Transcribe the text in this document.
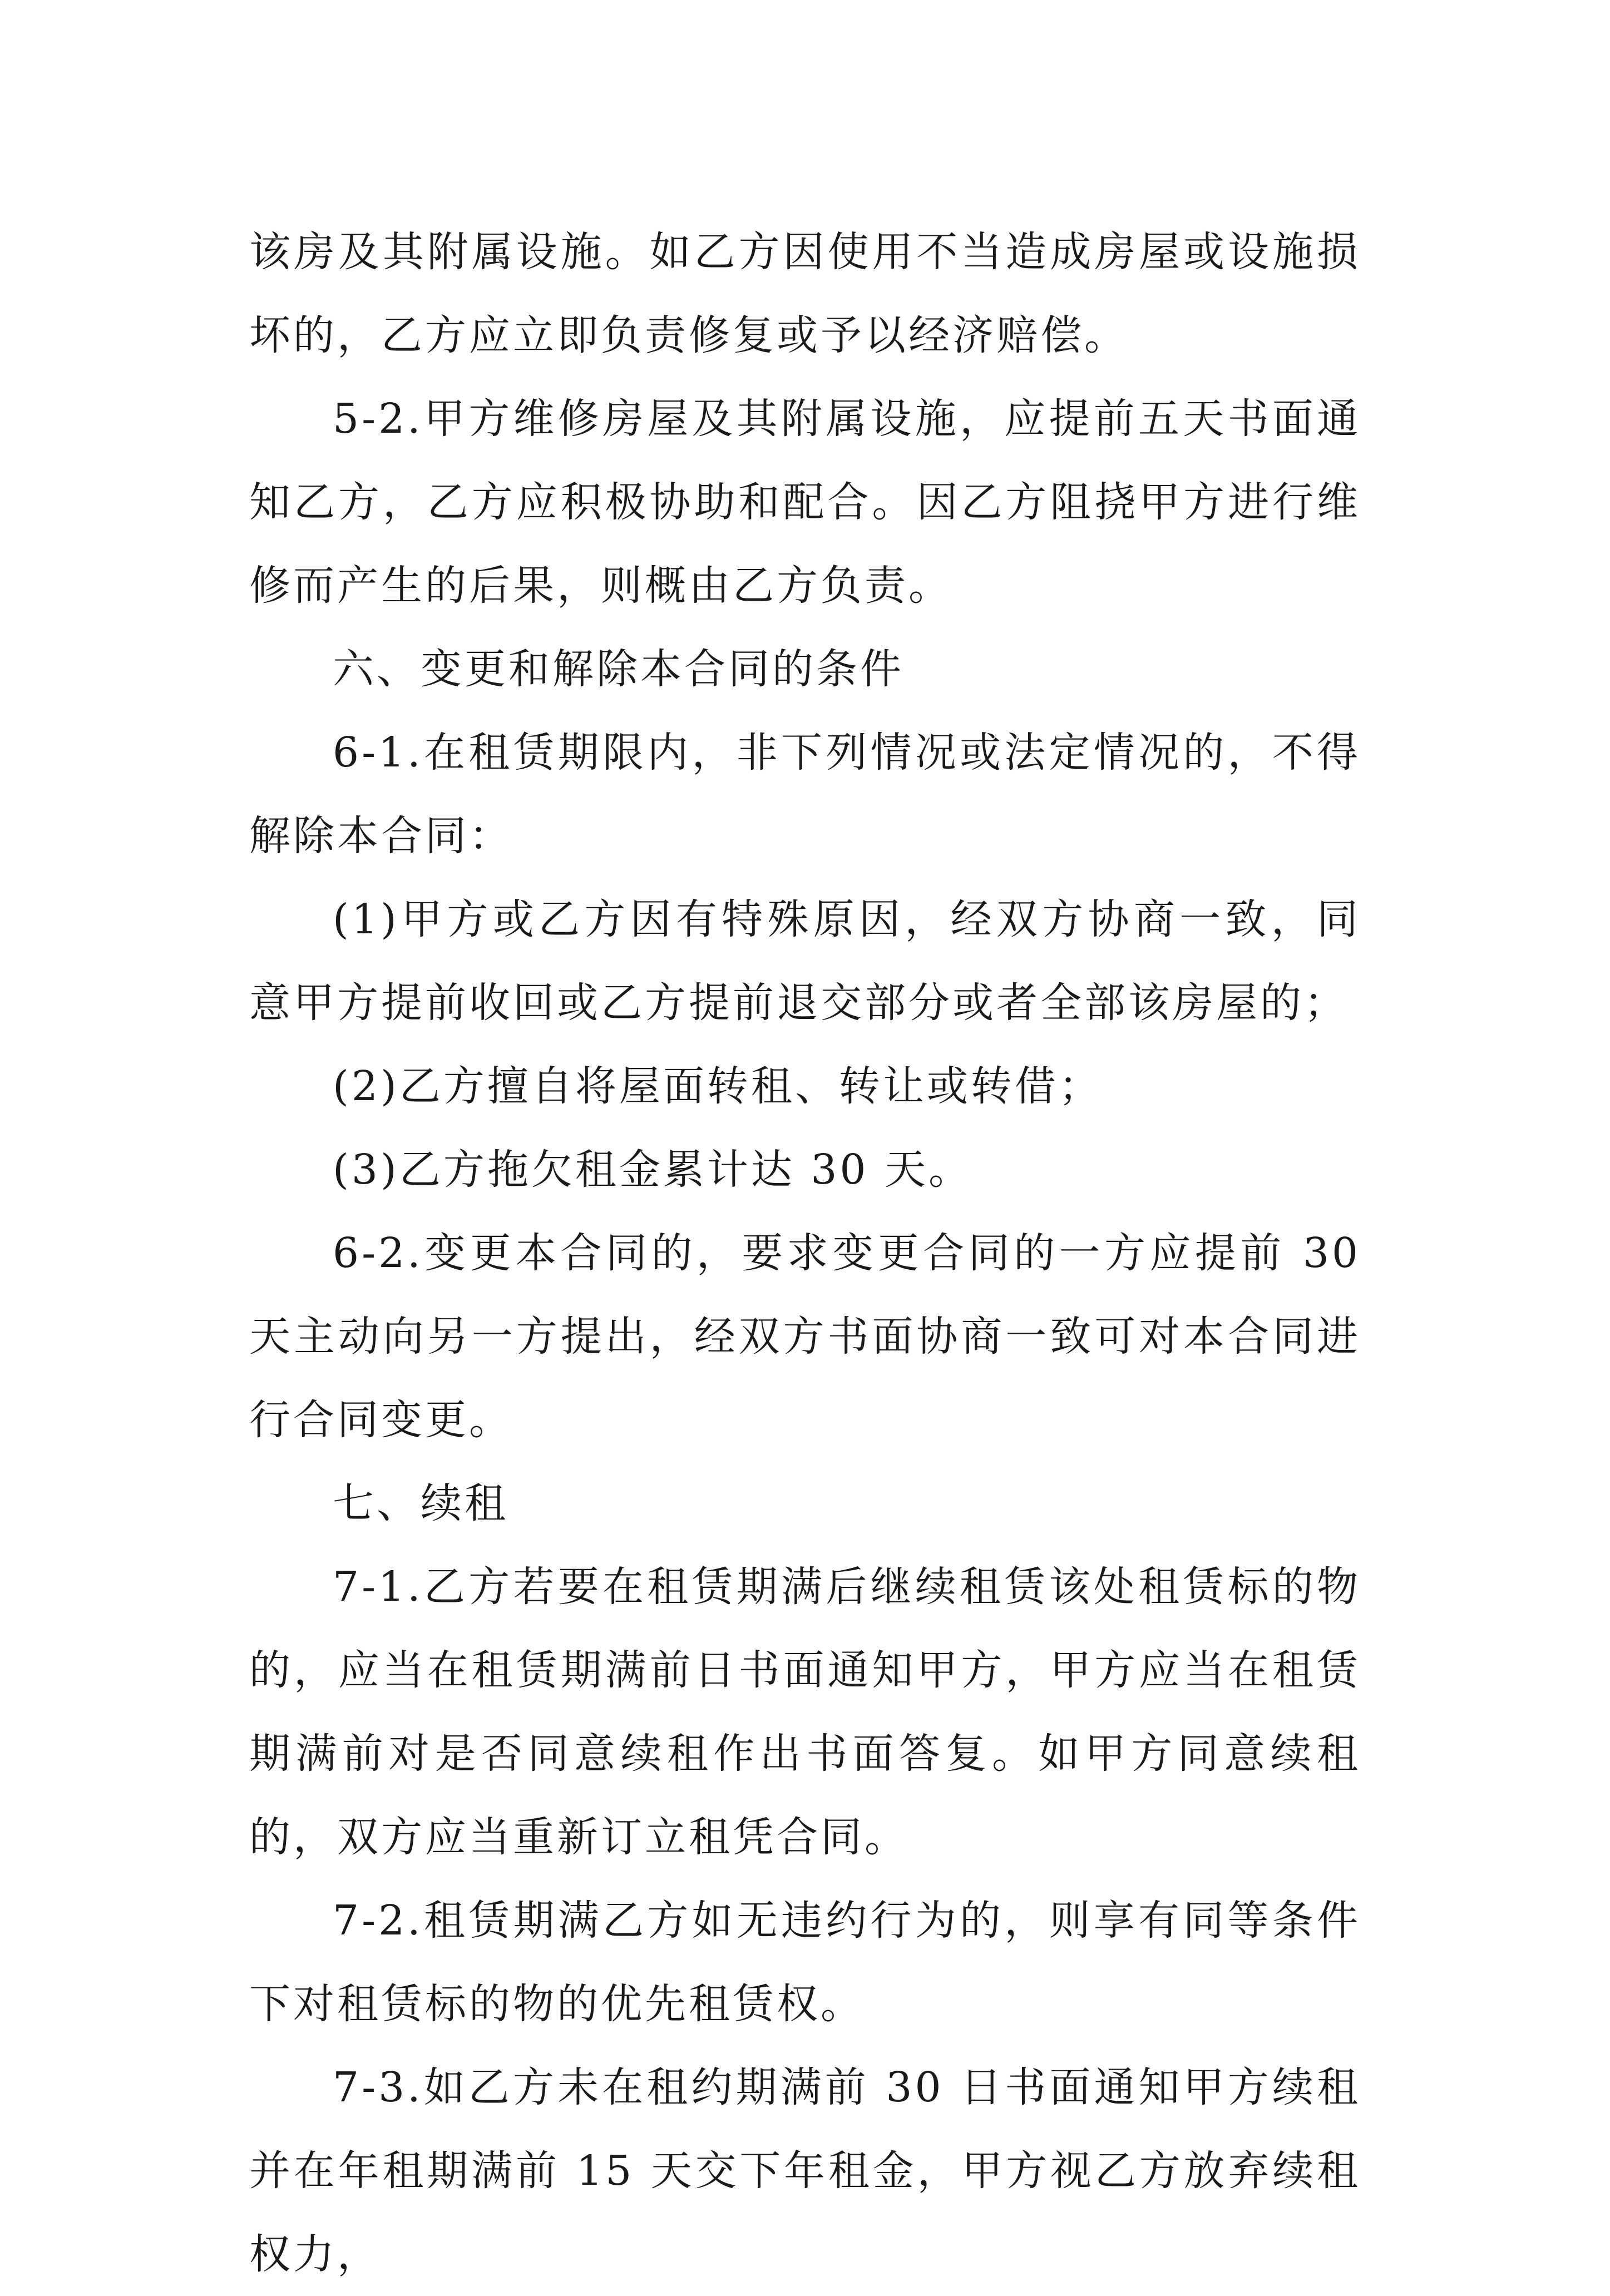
该房及其附属设施。如乙方因使用不当造成房屋或设施损坏的，乙方应立即负责修复或予以经济赔偿。

5-2.甲方维修房屋及其附属设施，应提前五天书面通知乙方，乙方应积极协助和配合。因乙方阻挠甲方进行维修而产生的后果，则概由乙方负责。

六、变更和解除本合同的条件

6-1.在租赁期限内，非下列情况或法定情况的，不得解除本合同：

(1)甲方或乙方因有特殊原因，经双方协商一致，同意甲方提前收回或乙方提前退交部分或者全部该房屋的；

(2)乙方擅自将屋面转租、转让或转借；

(3)乙方拖欠租金累计达 30 天。

6-2.变更本合同的，要求变更合同的一方应提前 30 天主动向另一方提出，经双方书面协商一致可对本合同进行合同变更。

七、续租

7-1.乙方若要在租赁期满后继续租赁该处租赁标的物的，应当在租赁期满前日书面通知甲方，甲方应当在租赁期满前对是否同意续租作出书面答复。如甲方同意续租的，双方应当重新订立租凭合同。

7-2.租赁期满乙方如无违约行为的，则享有同等条件下对租赁标的物的优先租赁权。

7-3.如乙方未在租约期满前 30 日书面通知甲方续租并在年租期满前 15 天交下年租金，甲方视乙方放弃续租权力，
